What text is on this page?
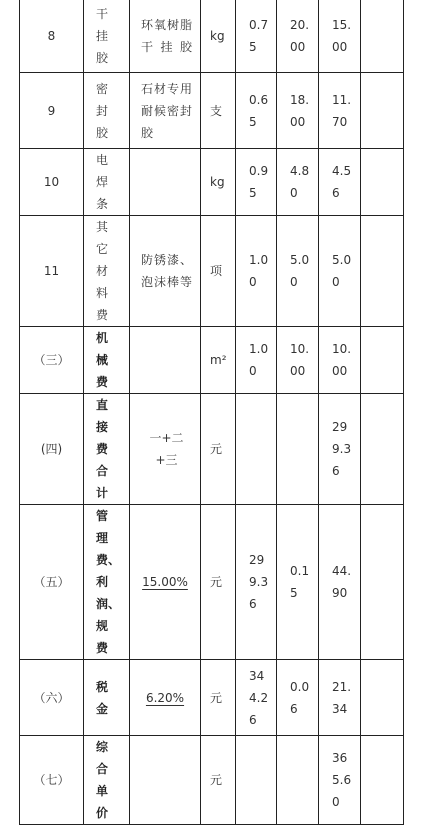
8	干挂胶	环氧树脂干挂胶	kg	0.75	20.00	15.00	
9	密封胶	石材专用耐候密封胶	支	0.65	18.00	11.70	
10	电焊条		kg	0.95	4.80	4.56	
11	其它材料费	防锈漆、泡沫棒等	项	1.00	5.00	5.00	
（三）	机械费		m²	1.00	10.00	10.00	
(四)	直接费合计	一+二+三	元			299.36	
（五）	管理费、利润、规费	15.00%	元	299.36	0.15	44.90	
（六）	税金	6.20%	元	344.26	0.06	21.34	
（七）	综合单价		元			365.60	
